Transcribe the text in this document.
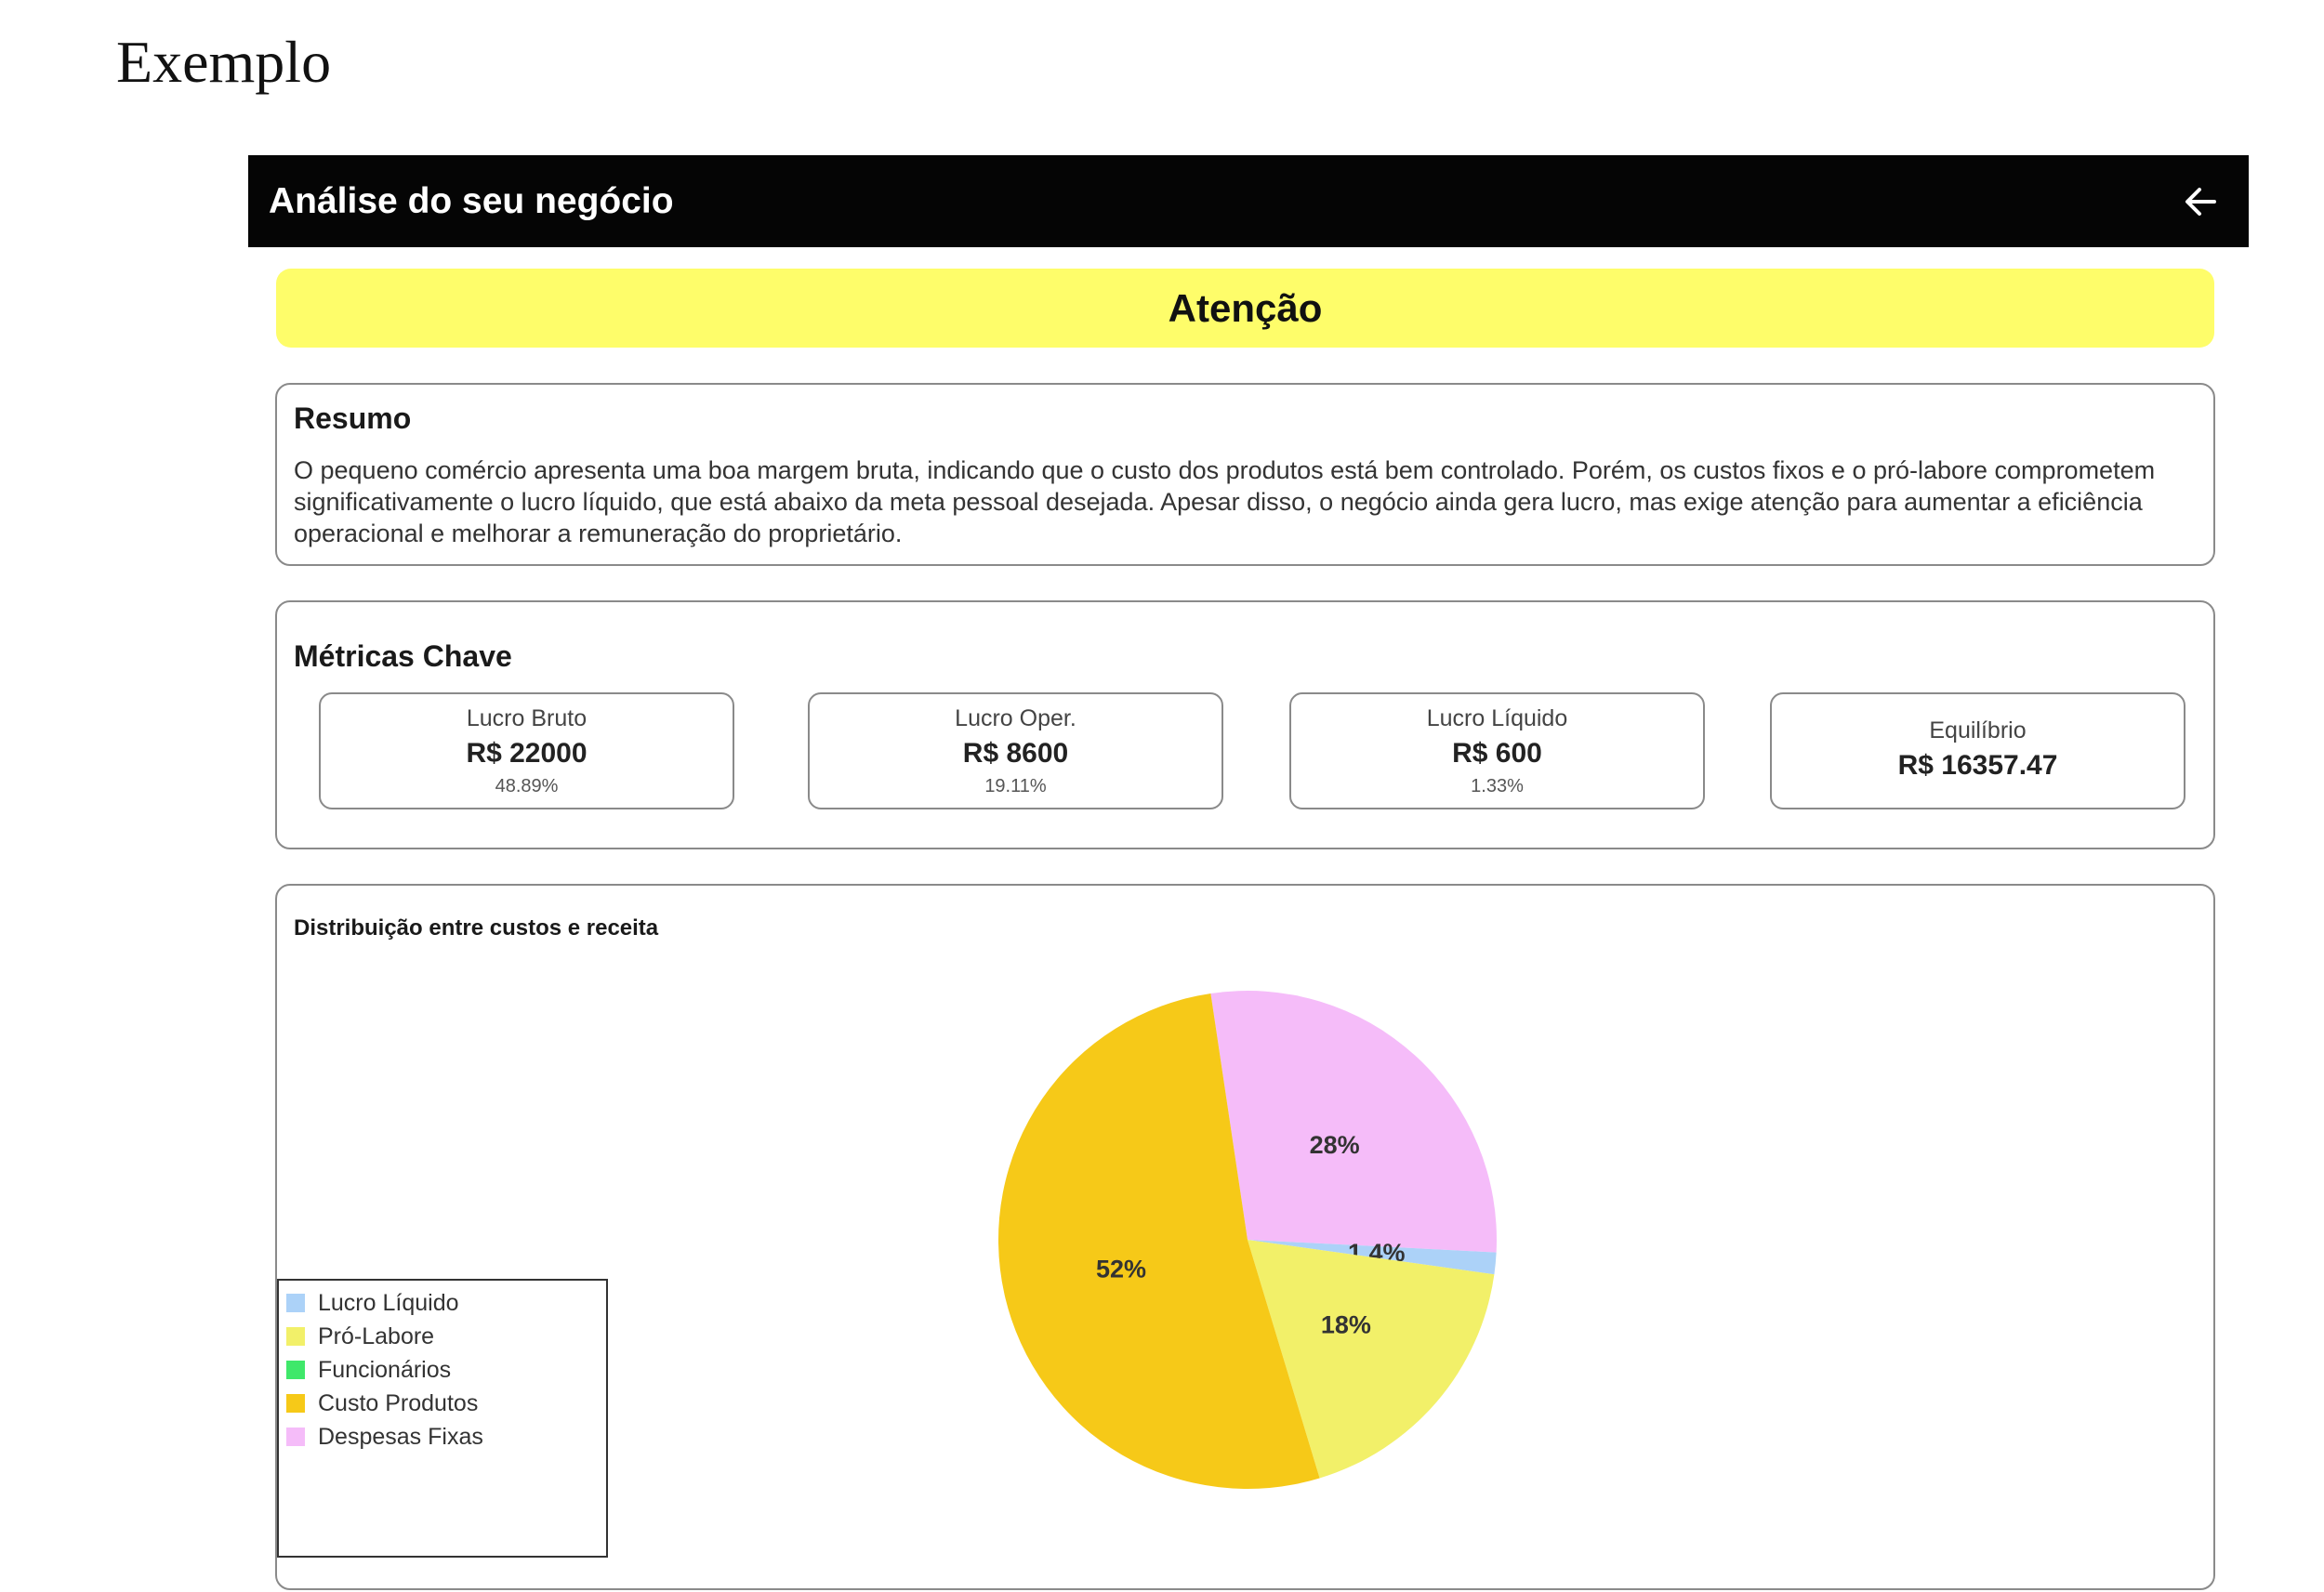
Exemplo
Análise do seu negócio
Atenção
Resumo

O pequeno comércio apresenta uma boa margem bruta, indicando que o custo dos produtos está bem controlado. Porém, os custos fixos e o pró-labore comprometem significativamente o lucro líquido, que está abaixo da meta pessoal desejada. Apesar disso, o negócio ainda gera lucro, mas exige atenção para aumentar a eficiência operacional e melhorar a remuneração do proprietário.

Métricas Chave
Lucro Bruto
R$ 22000
48.89%
Lucro Oper.
R$ 8600
19.11%
Lucro Líquido
R$ 600
1.33%
Equilíbrio
R$ 16357.47
Distribuição entre custos e receita
28%
1.4%
18%
52%
Lucro Líquido
Pró-Labore
Funcionários
Custo Produtos
Despesas Fixas
